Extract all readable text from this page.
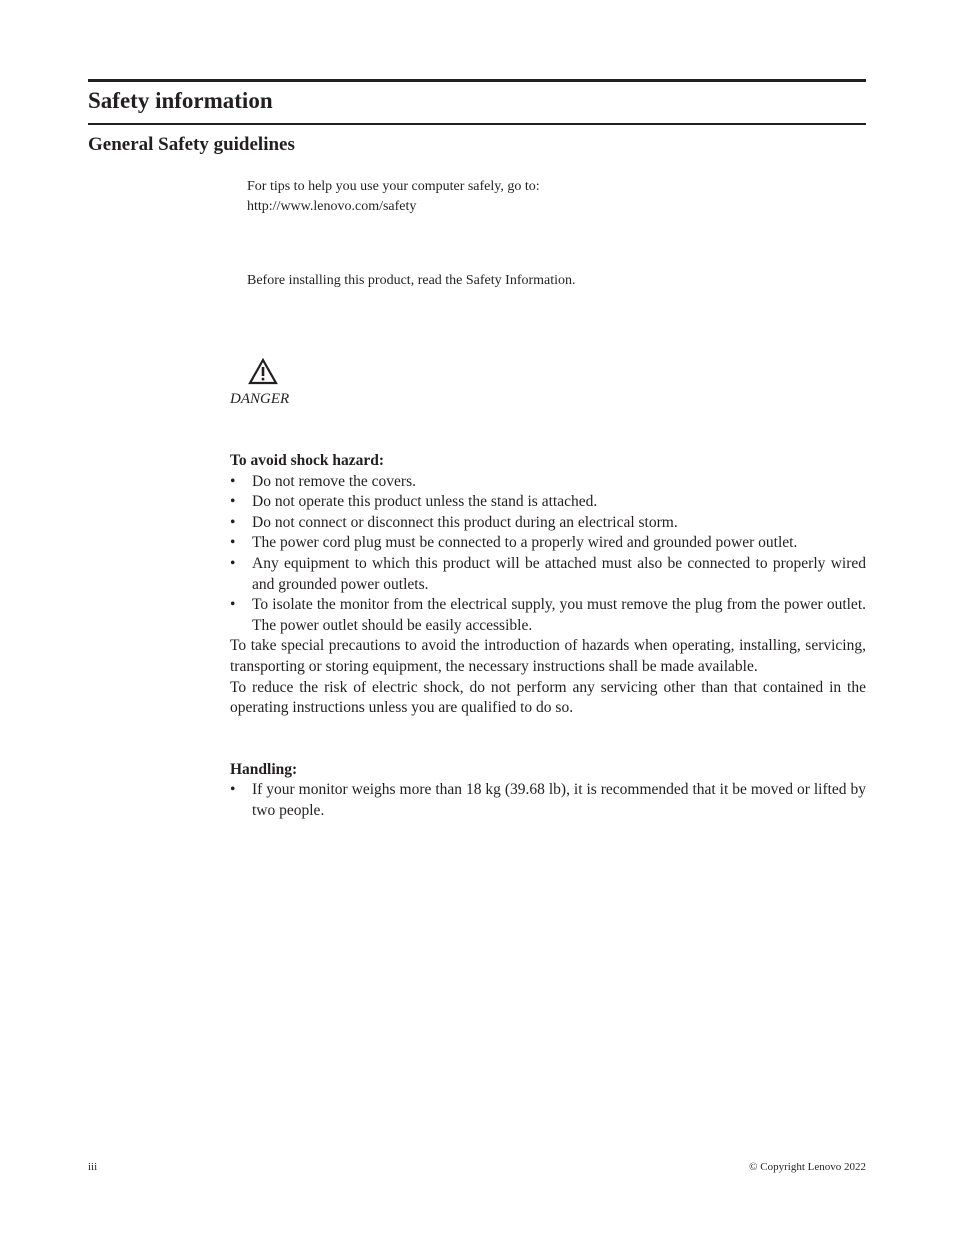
Safety information
General Safety guidelines
For tips to help you use your computer safely, go to:
http://www.lenovo.com/safety
Before installing this product, read the Safety Information.
DANGER
To avoid shock hazard:
• Do not remove the covers.
• Do not operate this product unless the stand is attached.
• Do not connect or disconnect this product during an electrical storm.
• The power cord plug must be connected to a properly wired and grounded power outlet.
• Any equipment to which this product will be attached must also be connected to properly wired and grounded power outlets.
• To isolate the monitor from the electrical supply, you must remove the plug from the power outlet. The power outlet should be easily accessible.

To take special precautions to avoid the introduction of hazards when operating, installing, servicing, transporting or storing equipment, the necessary instructions shall be made available.

To reduce the risk of electric shock, do not perform any servicing other than that contained in the operating instructions unless you are qualified to do so.

Handling:
• If your monitor weighs more than 18 kg (39.68 lb), it is recommended that it be moved or lifted by two people.
iii	© Copyright Lenovo 2022
